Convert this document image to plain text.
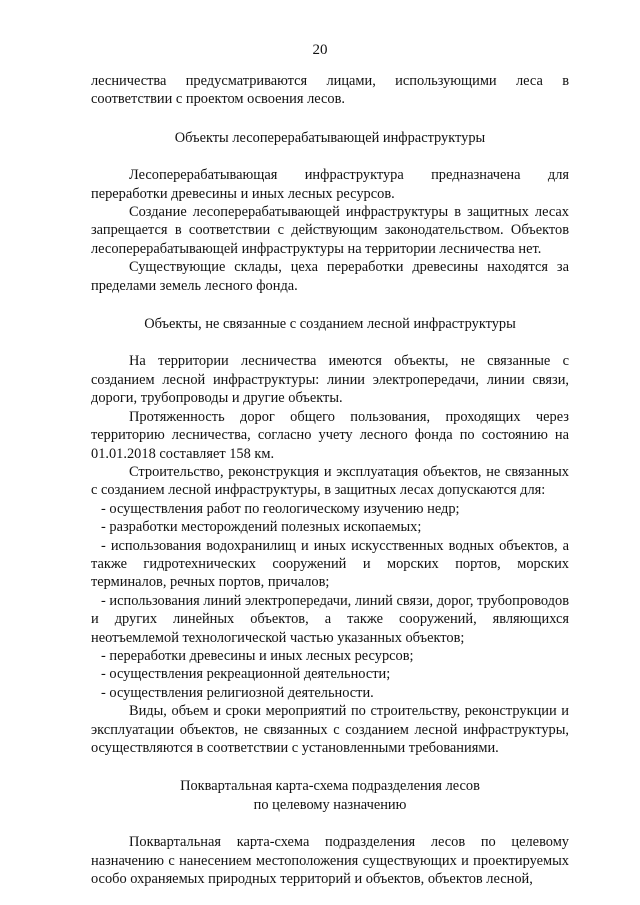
20

лесничества предусматриваются лицами, использующими леса в соответствии с проектом освоения лесов.

Объекты лесоперерабатывающей инфраструктуры

Лесоперерабатывающая инфраструктура предназначена для переработки древесины и иных лесных ресурсов.

Создание лесоперерабатывающей инфраструктуры в защитных лесах запрещается в соответствии с действующим законодательством. Объектов лесоперерабатывающей инфраструктуры на территории лесничества нет.

Существующие склады, цеха переработки древесины находятся за пределами земель лесного фонда.

Объекты, не связанные с созданием лесной инфраструктуры

На территории лесничества имеются объекты, не связанные с созданием лесной инфраструктуры: линии электропередачи, линии связи, дороги, трубопроводы и другие объекты.

Протяженность дорог общего пользования, проходящих через территорию лесничества, согласно учету лесного фонда по состоянию на 01.01.2018 составляет 158 км.

Строительство, реконструкция и эксплуатация объектов, не связанных с созданием лесной инфраструктуры, в защитных лесах допускаются для:

- осуществления работ по геологическому изучению недр;

- разработки месторождений полезных ископаемых;

- использования водохранилищ и иных искусственных водных объектов, а также гидротехнических сооружений и морских портов, морских терминалов, речных портов, причалов;

- использования линий электропередачи, линий связи, дорог, трубопроводов и других линейных объектов, а также сооружений, являющихся неотъемлемой технологической частью указанных объектов;

- переработки древесины и иных лесных ресурсов;

- осуществления рекреационной деятельности;

- осуществления религиозной деятельности.

Виды, объем и сроки мероприятий по строительству, реконструкции и эксплуатации объектов, не связанных с созданием лесной инфраструктуры, осуществляются в соответствии с установленными требованиями.

Поквартальная карта-схема подразделения лесов
по целевому назначению

Поквартальная карта-схема подразделения лесов по целевому назначению с нанесением местоположения существующих и проектируемых особо охраняемых природных территорий и объектов, объектов лесной,
